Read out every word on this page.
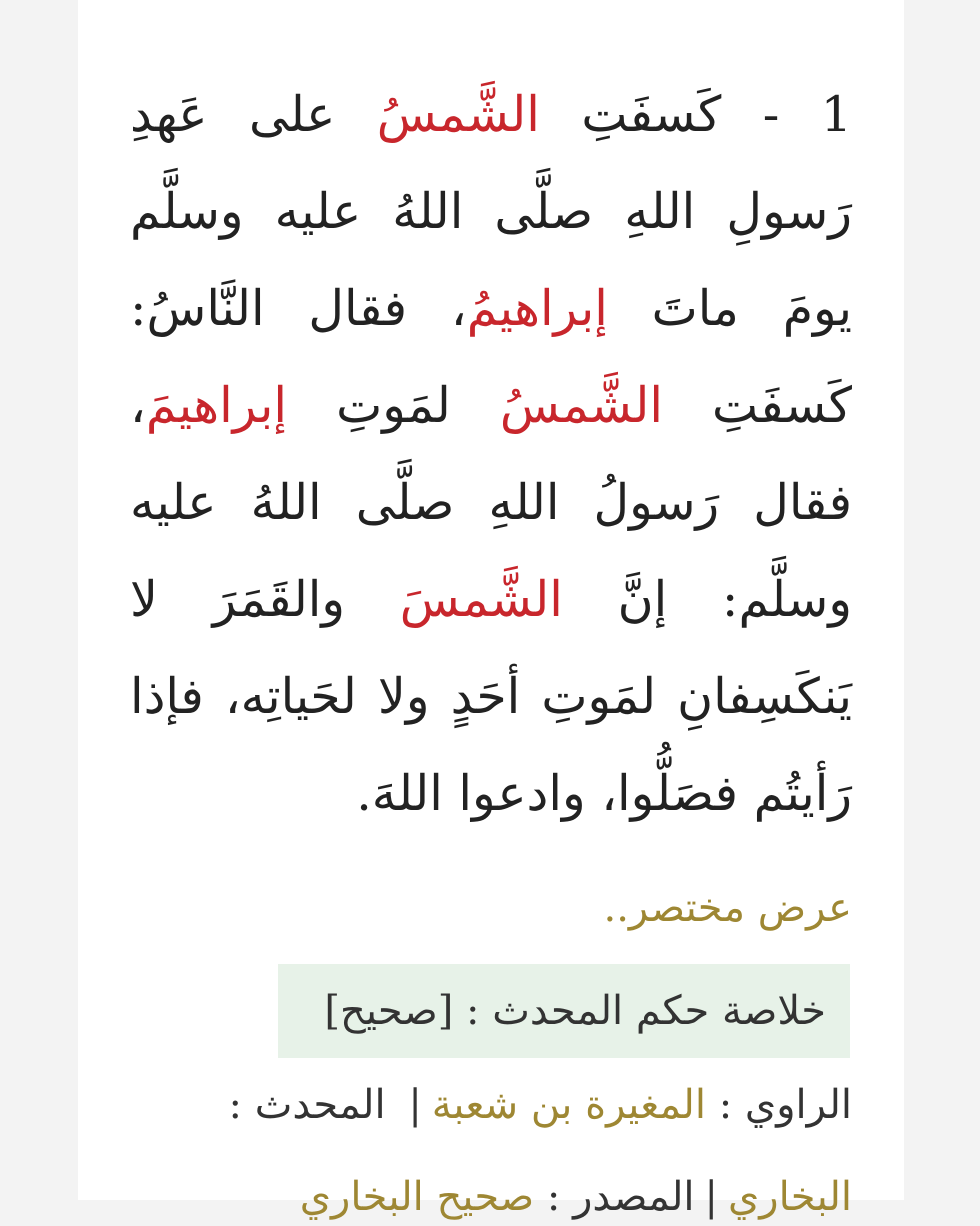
1 - كَسفَتِ الشَّمسُ على عَهدِ رَسولِ اللهِ صلَّى اللهُ عليه وسلَّم يومَ ماتَ إبراهيمُ، فقال النَّاسُ: كَسفَتِ الشَّمسُ لمَوتِ إبراهيمَ، فقال رَسولُ اللهِ صلَّى اللهُ عليه وسلَّم: إنَّ الشَّمسَ والقَمَرَ لا يَنكَسِفانِ لمَوتِ أحَدٍ ولا لحَياتِه، فإذا رَأيتُم فصَلُّوا، وادعوا اللهَ.

عرض مختصر..
خلاصة حكم المحدث : [صحيح]
الراوي : المغيرة بن شعبة| المحدث :
البخاري|المصدر : صحيح البخاري
